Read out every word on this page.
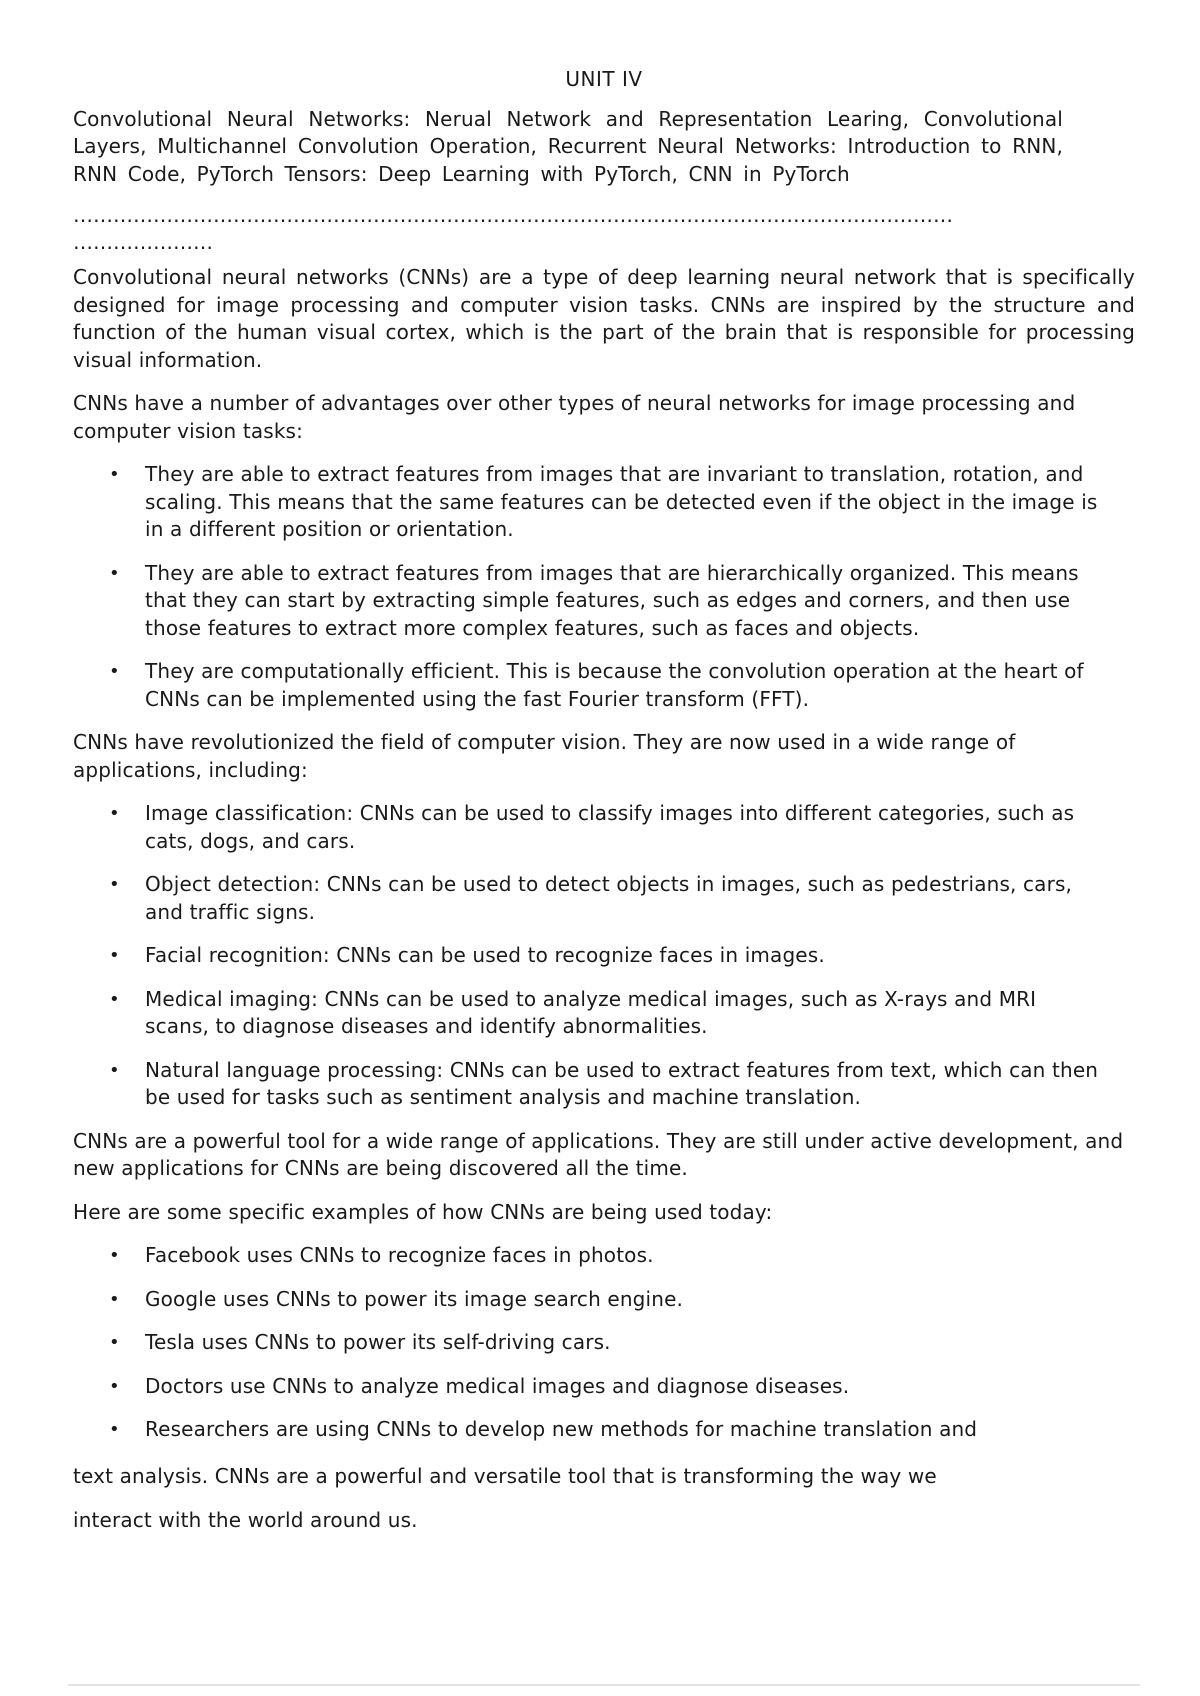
UNIT IV

Convolutional Neural Networks: Nerual Network and Representation Learing, Convolutional Layers, Multichannel Convolution Operation, Recurrent Neural Networks: Introduction to RNN, RNN Code, PyTorch Tensors: Deep Learning with PyTorch, CNN in PyTorch

……………………………………………………………………………………………………………………
…………………

Convolutional neural networks (CNNs) are a type of deep learning neural network that is specifically designed for image processing and computer vision tasks. CNNs are inspired by the structure and function of the human visual cortex, which is the part of the brain that is responsible for processing visual information.

CNNs have a number of advantages over other types of neural networks for image processing and computer vision tasks:

• They are able to extract features from images that are invariant to translation, rotation, and scaling. This means that the same features can be detected even if the object in the image is in a different position or orientation.
• They are able to extract features from images that are hierarchically organized. This means that they can start by extracting simple features, such as edges and corners, and then use those features to extract more complex features, such as faces and objects.
• They are computationally efficient. This is because the convolution operation at the heart of CNNs can be implemented using the fast Fourier transform (FFT).

CNNs have revolutionized the field of computer vision. They are now used in a wide range of applications, including:

• Image classification: CNNs can be used to classify images into different categories, such as cats, dogs, and cars.
• Object detection: CNNs can be used to detect objects in images, such as pedestrians, cars, and traffic signs.
• Facial recognition: CNNs can be used to recognize faces in images.
• Medical imaging: CNNs can be used to analyze medical images, such as X-rays and MRI scans, to diagnose diseases and identify abnormalities.
• Natural language processing: CNNs can be used to extract features from text, which can then be used for tasks such as sentiment analysis and machine translation.

CNNs are a powerful tool for a wide range of applications. They are still under active development, and new applications for CNNs are being discovered all the time.

Here are some specific examples of how CNNs are being used today:

• Facebook uses CNNs to recognize faces in photos.
• Google uses CNNs to power its image search engine.
• Tesla uses CNNs to power its self-driving cars.
• Doctors use CNNs to analyze medical images and diagnose diseases.
• Researchers are using CNNs to develop new methods for machine translation and

text analysis. CNNs are a powerful and versatile tool that is transforming the way we

interact with the world around us.
